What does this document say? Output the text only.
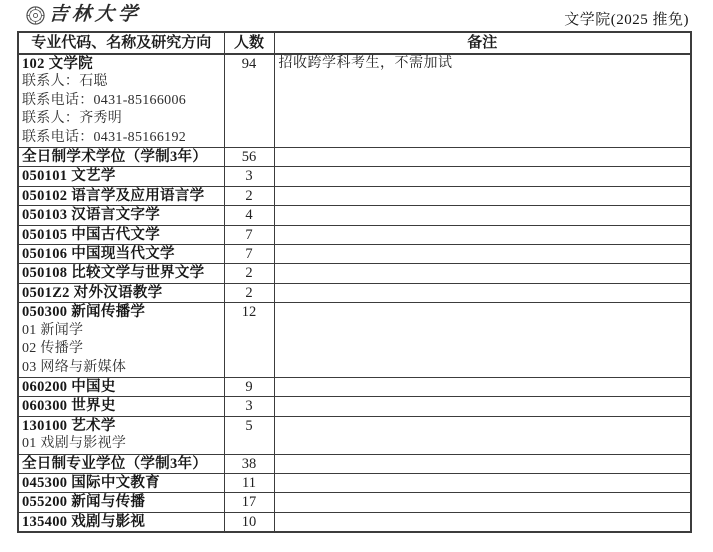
吉林大学	文学院(2025 推免)
专业代码、名称及研究方向	人数	备注

102 文学院
联系人：石聪
联系电话：0431-85166006
联系人：齐秀明
联系电话：0431-85166192	94	招收跨学科考生，不需加试

全日制学术学位（学制3年）	56	

050101 文艺学	3	

050102 语言学及应用语言学	2	

050103 汉语言文字学	4	

050105 中国古代文学	7	

050106 中国现当代文学	7	

050108 比较文学与世界文学	2	

0501Z2 对外汉语教学	2	

050300 新闻传播学
01 新闻学
02 传播学
03 网络与新媒体	12	

060200 中国史	9	

060300 世界史	3	

130100 艺术学
01 戏剧与影视学	5	

全日制专业学位（学制3年）	38	

045300 国际中文教育	11	

055200 新闻与传播	17	

135400 戏剧与影视	10	
